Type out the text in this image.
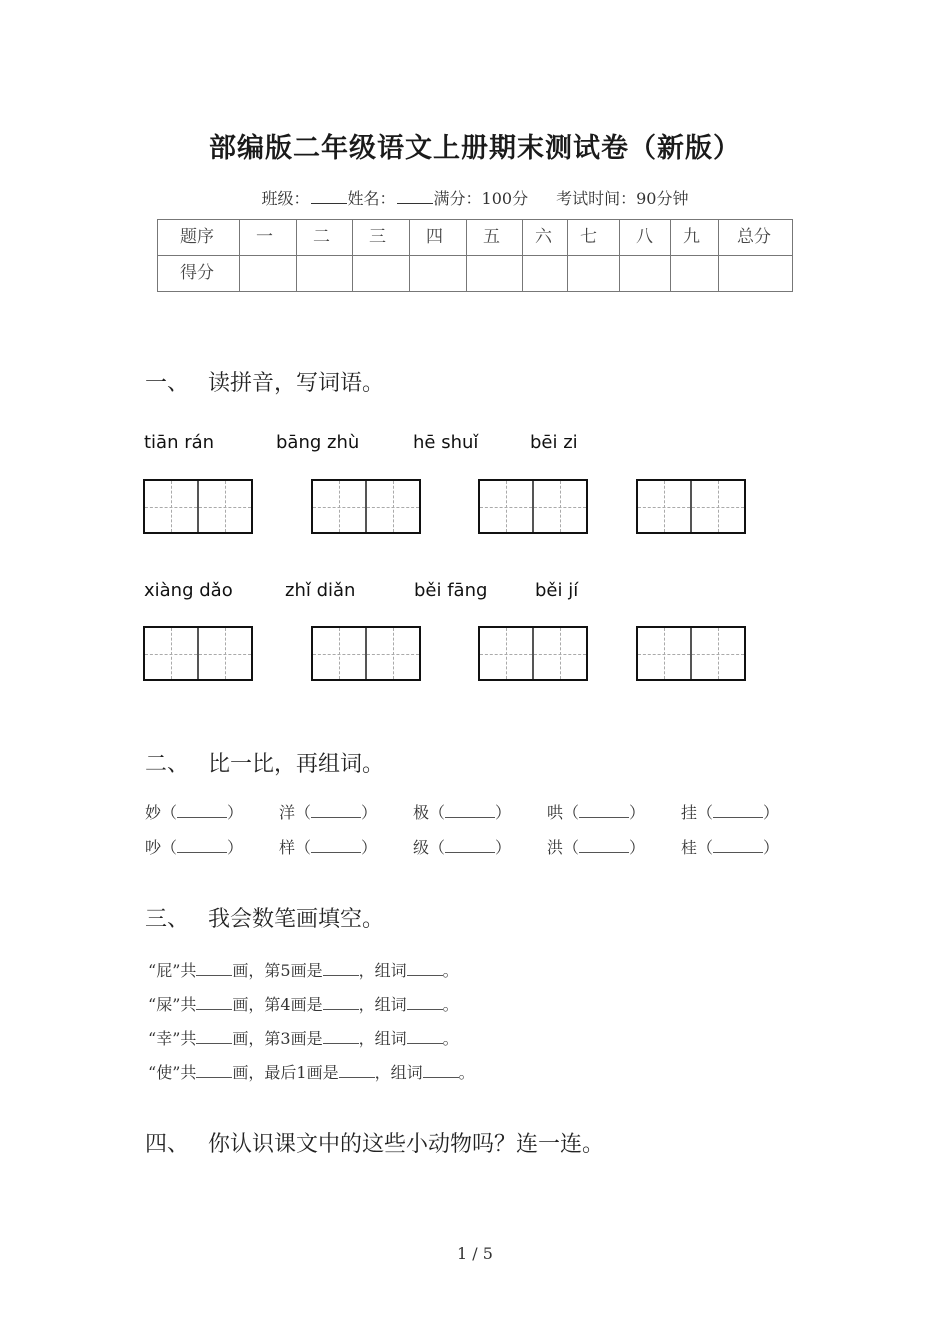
部编版二年级语文上册期末测试卷（新版）
班级： 姓名： 满分：100分 考试时间：90分钟
题序	一	二	三	四	五	六	七	八	九	总分
得分										
一、 读拼音，写词语。
tiān rán	bāng zhù	hē shuǐ	bēi zi
xiàng dǎo	zhǐ diǎn	běi fāng	běi jí
二、 比一比，再组词。
妙（	） 洋（	） 极（	） 哄（	） 挂（	）
吵（	） 样（	） 级（	） 洪（	） 桂（	）
三、 我会数笔画填空。
“屁”共 画，第5画是 ，组词 。
“屎”共 画，第4画是 ，组词 。
“幸”共 画，第3画是 ，组词 。
“使”共 画，最后1画是 ，组词 。
四、 你认识课文中的这些小动物吗？连一连。
1 / 5
